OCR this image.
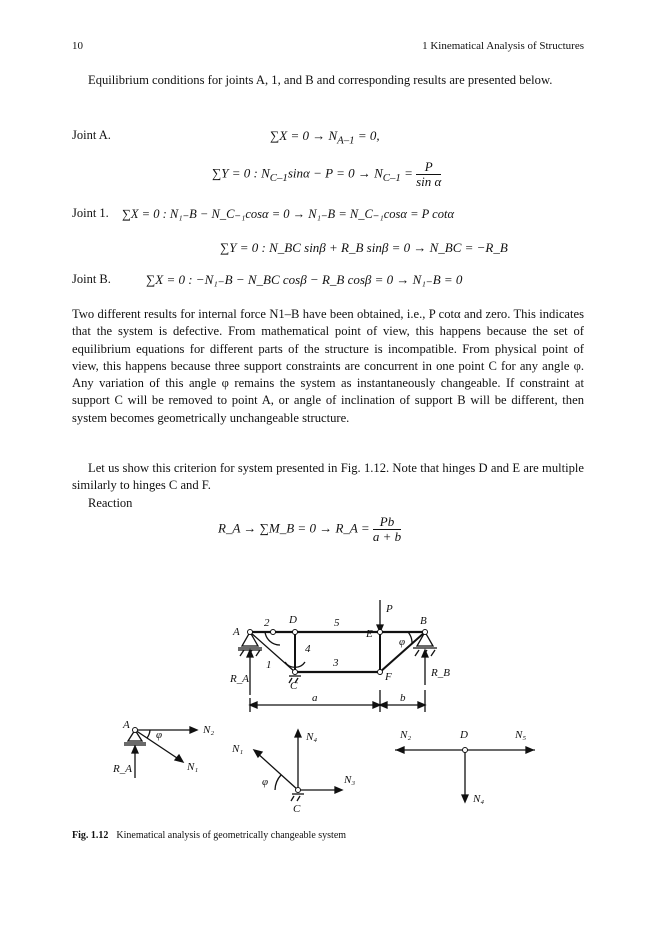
10	1 Kinematical Analysis of Structures

Equilibrium conditions for joints A, 1, and B and corresponding results are presented below.

Joint A.	$\sum X = 0 \to N_{A-1} = 0$,
∑Y = 0 : $N_{C-1}\sin\alpha - P = 0 \to N_{C-1} = \frac{P}{\text{sin α}}$
Joint 1. ∑X = 0 : N₁₋B − N_C₋₁cosα = 0 → N₁₋B = N_C₋₁cosα = P cotα
∑Y = 0 : N_BC sinβ + R_B sinβ = 0 → N_BC = −R_B
Joint B.	∑X = 0 : −N₁₋B − N_BC cosβ − R_B cosβ = 0 → N₁₋B = 0

Two different results for internal force N1–B have been obtained, i.e., P cotα and zero. This indicates that the system is defective. From mathematical point of view, this happens because the set of equilibrium equations for different parts of the structure is incompatible. From physical point of view, this happens because three support constraints are concurrent in one point C for any angle φ. Any variation of this angle φ remains the system as instantaneously changeable. If constraint at support C will be removed to point A, or angle of inclination of support B will be different, then system becomes geometrically unchangeable structure.

Let us show this criterion for system presented in Fig. 1.12. Note that hinges D and E are multiple similarly to hinges C and F.

Reaction
R_A → ∑M_B = 0 → R_A = $\frac{Pb}{a + b}$
A
2 D	5
E
P
B
φ
4
3
1
C
F
R_A	R_B
a	b
A
φ	N₂
N₁
R_A
N₄
N₁
φ	N₃
C
N₂	D	N₅
N₄
Fig. 1.12 Kinematical analysis of geometrically changeable system
